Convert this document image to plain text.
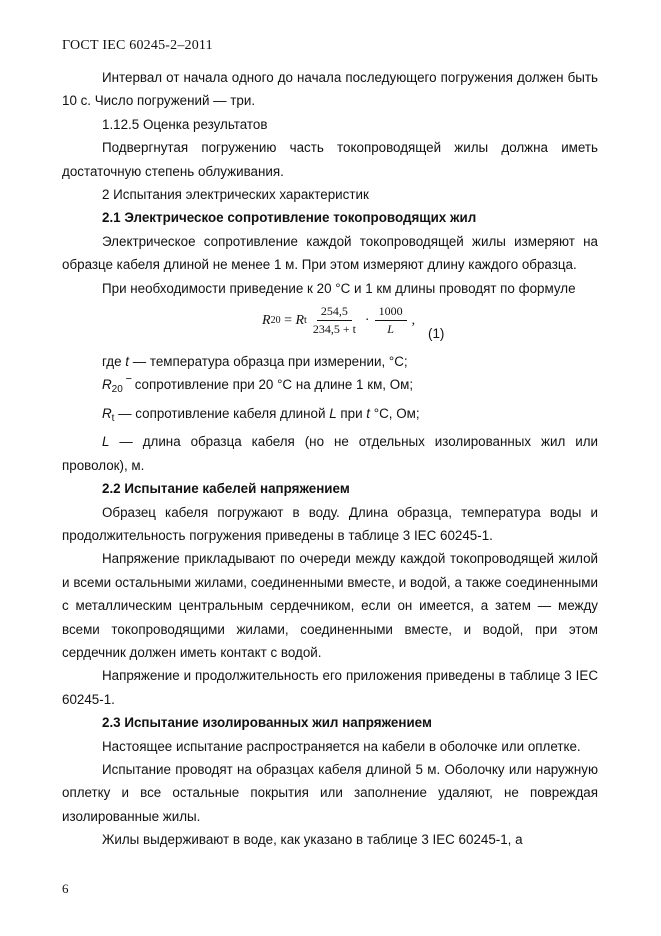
ГОСТ IEC 60245-2–2011

Интервал от начала одного до начала последующего погружения должен быть 10 с. Число погружений — три.

1.12.5 Оценка результатов

Подвергнутая погружению часть токопроводящей жилы должна иметь достаточную степень облуживания.

2 Испытания электрических характеристик

2.1 Электрическое сопротивление токопроводящих жил

Электрическое сопротивление каждой токопроводящей жилы измеряют на образце кабеля длиной не менее 1 м. При этом измеряют длину каждого образца.

При необходимости приведение к 20 °С и 1 км длины проводят по формуле

R 20 = R t $\frac{254,5}{234,5 + t} \cdot \frac{1000}{L}$ ,
(1)

где t — температура образца при измерении, °С;

$R_{20}$ ‾ сопротивление при 20 °С на длине 1 км, Ом;

$R_t$ — сопротивление кабеля длиной L при t °С, Ом;

L — длина образца кабеля (но не отдельных изолированных жил или проволок), м.

2.2 Испытание кабелей напряжением

Образец кабеля погружают в воду. Длина образца, температура воды и продолжительность погружения приведены в таблице 3 IEC 60245-1.

Напряжение прикладывают по очереди между каждой токопроводящей жилой и всеми остальными жилами, соединенными вместе, и водой, а также соединенными с металлическим центральным сердечником, если он имеется, а затем — между всеми токопроводящими жилами, соединенными вместе, и водой, при этом сердечник должен иметь контакт с водой.

Напряжение и продолжительность его приложения приведены в таблице 3 IEC 60245-1.

2.3 Испытание изолированных жил напряжением

Настоящее испытание распространяется на кабели в оболочке или оплетке.

Испытание проводят на образцах кабеля длиной 5 м. Оболочку или наружную оплетку и все остальные покрытия или заполнение удаляют, не повреждая изолированные жилы.

Жилы выдерживают в воде, как указано в таблице 3 IEC 60245-1, а

6
